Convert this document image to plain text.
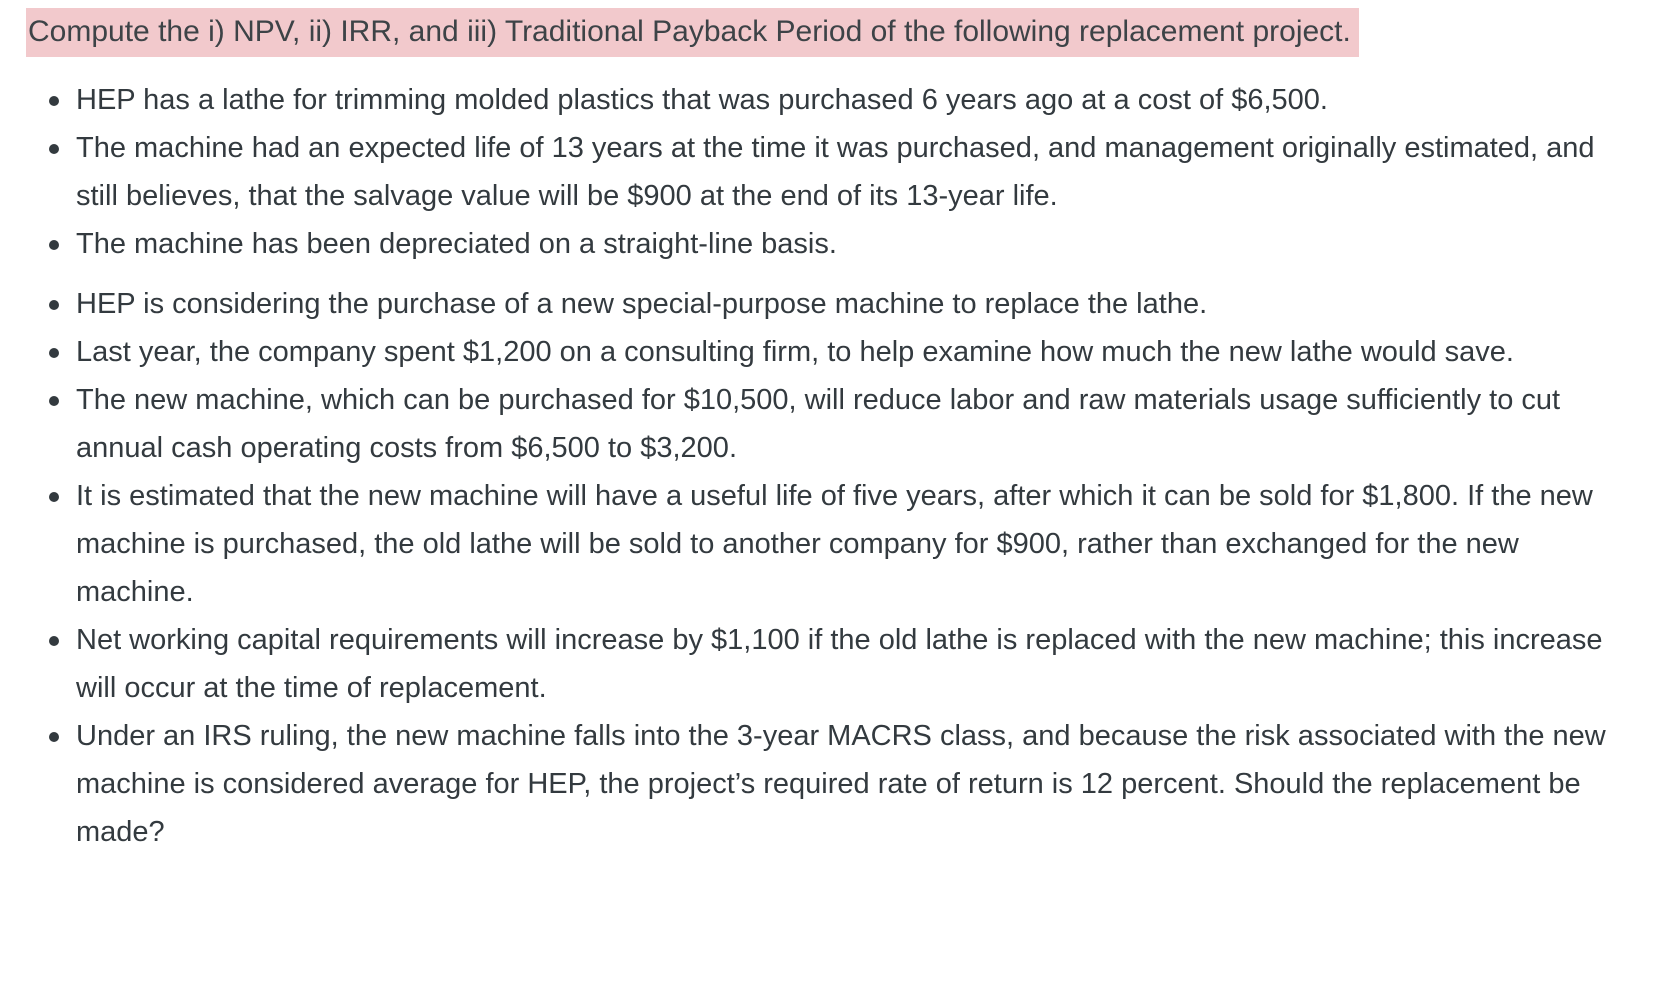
Compute the i) NPV, ii) IRR, and iii) Traditional Payback Period of the following replacement project.

HEP has a lathe for trimming molded plastics that was purchased 6 years ago at a cost of $6,500.
The machine had an expected life of 13 years at the time it was purchased, and management originally estimated, and still believes, that the salvage value will be $900 at the end of its 13-year life.
The machine has been depreciated on a straight-line basis.
HEP is considering the purchase of a new special-purpose machine to replace the lathe.
Last year, the company spent $1,200 on a consulting firm, to help examine how much the new lathe would save.
The new machine, which can be purchased for $10,500, will reduce labor and raw materials usage sufficiently to cut annual cash operating costs from $6,500 to $3,200.
It is estimated that the new machine will have a useful life of five years, after which it can be sold for $1,800. If the new machine is purchased, the old lathe will be sold to another company for $900, rather than exchanged for the new machine.
Net working capital requirements will increase by $1,100 if the old lathe is replaced with the new machine; this increase will occur at the time of replacement.
Under an IRS ruling, the new machine falls into the 3-year MACRS class, and because the risk associated with the new machine is considered average for HEP, the project’s required rate of return is 12 percent. Should the replacement be made?
